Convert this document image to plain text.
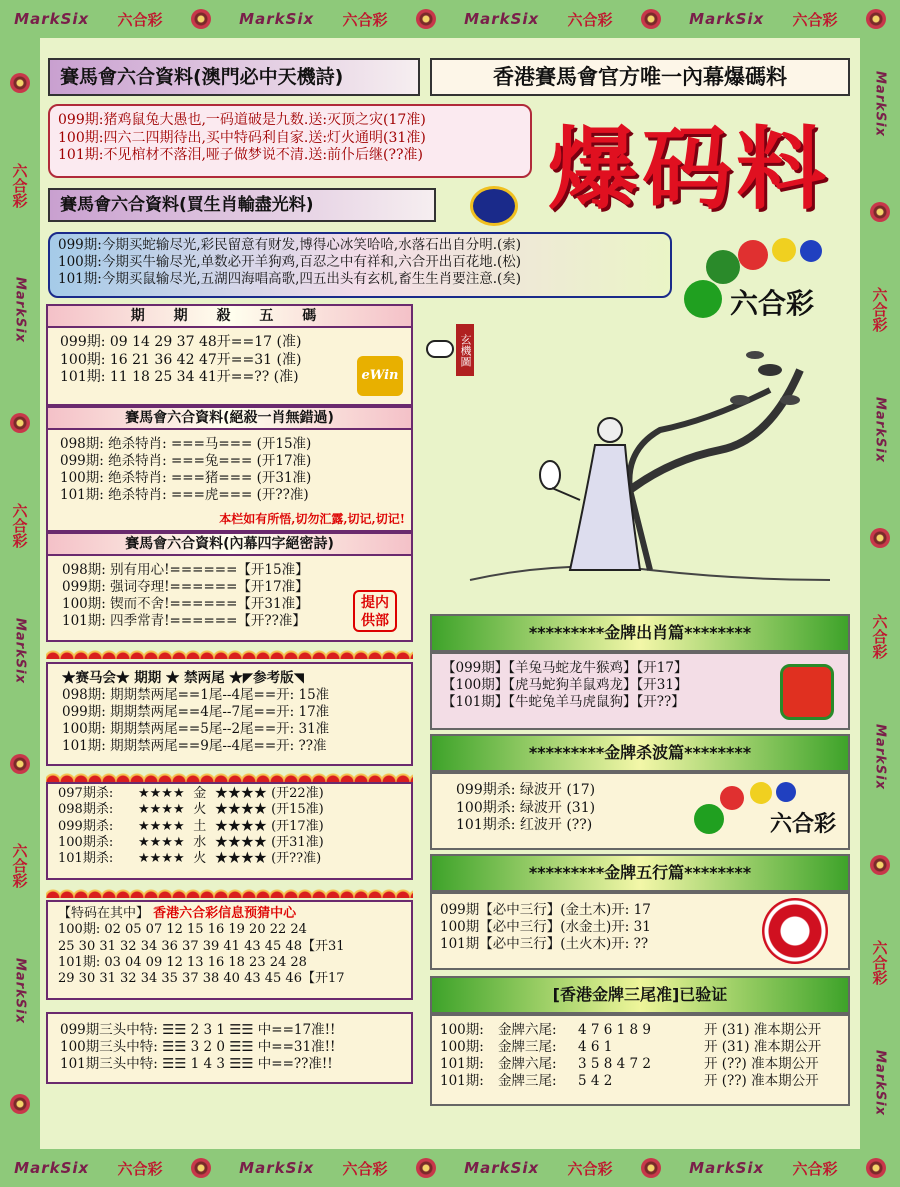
MarkSix 六合彩	MarkSix 六合彩	MarkSix 六合彩	MarkSix 六合彩
MarkSix 六合彩	MarkSix 六合彩	MarkSix 六合彩	MarkSix 六合彩
六合彩
MarkSix
六合彩
MarkSix
六合彩
MarkSix
MarkSix
六合彩
MarkSix
六合彩
MarkSix
六合彩
MarkSix
賽馬會六合資料(澳門必中天機詩)	香港賽馬會官方唯一內幕爆碼料
099期:猪鸡鼠兔大愚也,一码道破是九数.送:灭顶之灾(17准)
100期:四六二四期待出,买中特码利自家.送:灯火通明(31准)
101期:不见棺材不落泪,哑子做梦说不清.送:前仆后继(??准)	爆码料
賽馬會六合資料(買生肖輸盡光料)
099期:今期买蛇输尽光,彩民留意有财发,博得心冰笑哈哈,水落石出自分明.(索)
100期:今期买牛输尽光,单数必开羊狗鸡,百忍之中有祥和,六合开出百花地.(松)
101期:今期买鼠输尽光,五湖四海唱高歌,四五出头有玄机,畜生生肖要注意.(矣)
六合彩
期 期 殺 五 碼
099期: 09 14 29 37 48开==17 (准)
100期: 16 21 36 42 47开==31 (准)
101期: 11 18 25 34 41开==?? (准)	eWin
賽馬會六合資料(絕殺一肖無錯過)
098期: 绝杀特肖: ===马=== (开15准)
099期: 绝杀特肖: ===兔=== (开17准)
100期: 绝杀特肖: ===猪=== (开31准)
101期: 绝杀特肖: ===虎=== (开??准)
本栏如有所悟,切勿汇露,切记,切记!
賽馬會六合資料(內幕四字絕密詩)
098期: 别有用心!======【开15准】
099期: 强词夺理!======【开17准】
100期: 锲而不舍!======【开31准】
101期: 四季常青!======【开??准】
提内供部
★赛马会★ 期期 ★ 禁两尾 ★◤参考版◥
098期: 期期禁两尾==1尾--4尾==开: 15准
099期: 期期禁两尾==4尾--7尾==开: 17准
100期: 期期禁两尾==5尾--2尾==开: 31准
101期: 期期禁两尾==9尾--4尾==开: ??准
097期杀: ★★★★ 金 ★★★★ (开22准)
098期杀: ★★★★ 火 ★★★★ (开15准)
099期杀: ★★★★ 土 ★★★★ (开17准)
100期杀: ★★★★ 水 ★★★★ (开31准)
101期杀: ★★★★ 火 ★★★★ (开??准)
【特码在其中】 香港六合彩信息预猜中心
100期: 02 05 07 12 15 16 19 20 22 24
25 30 31 32 34 36 37 39 41 43 45 48【开31
101期: 03 04 09 12 13 16 18 23 24 28
29 30 31 32 34 35 37 38 40 43 45 46【开17
099期三头中特: ☰☰ 2 3 1 ☰☰ 中==17准!!
100期三头中特: ☰☰ 3 2 0 ☰☰ 中==31准!!
101期三头中特: ☰☰ 1 4 3 ☰☰ 中==??准!!
玄機圖
*********金牌出肖篇********
【099期】【羊兔马蛇龙牛猴鸡】【开17】
【100期】【虎马蛇狗羊鼠鸡龙】【开31】
【101期】【牛蛇兔羊马虎鼠狗】【开??】
*********金牌杀波篇********
099期杀: 绿波开 (17)
100期杀: 绿波开 (31)
101期杀: 红波开 (??)	六合彩
*********金牌五行篇********
099期【必中三行】(金土木)开: 17
100期【必中三行】(水金土)开: 31
101期【必中三行】(土火木)开: ??
[香港金牌三尾准]已验证
100期: 金牌六尾: 4 7 6 1 8 9	开 (31) 准本期公开
100期: 金牌三尾: 4 6 1	开 (31) 准本期公开
101期: 金牌六尾: 3 5 8 4 7 2	开 (??) 准本期公开
101期: 金牌三尾: 5 4 2	开 (??) 准本期公开
